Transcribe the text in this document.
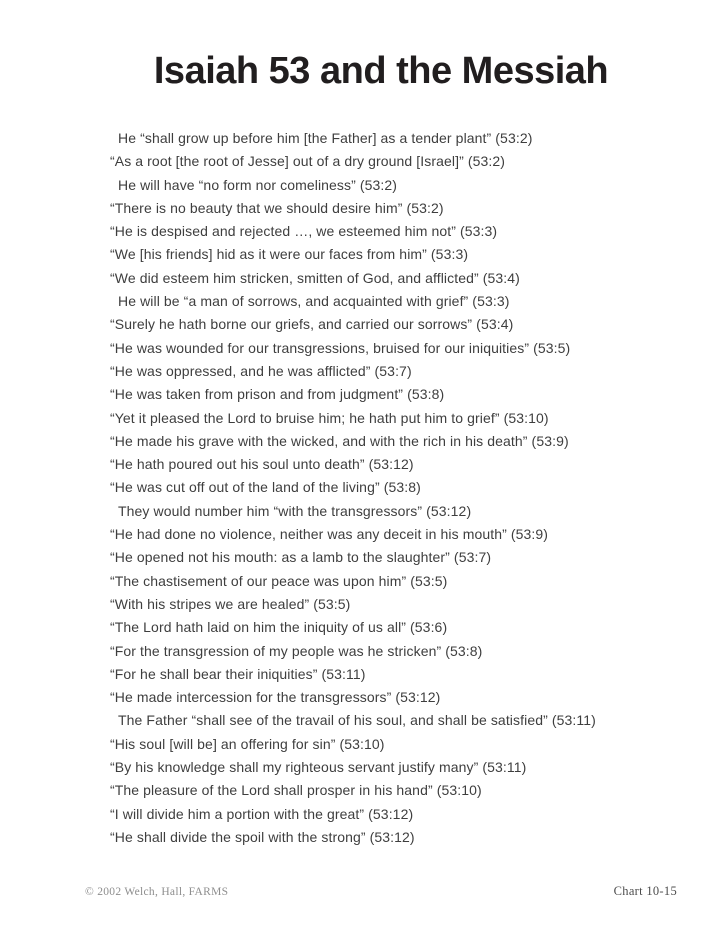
Isaiah 53 and the Messiah
He “shall grow up before him [the Father] as a tender plant” (53:2)
“As a root [the root of Jesse] out of a dry ground [Israel]” (53:2)
He will have “no form nor comeliness” (53:2)
“There is no beauty that we should desire him” (53:2)
“He is despised and rejected …, we esteemed him not” (53:3)
“We [his friends] hid as it were our faces from him” (53:3)
“We did esteem him stricken, smitten of God, and afflicted” (53:4)
He will be “a man of sorrows, and acquainted with grief” (53:3)
“Surely he hath borne our griefs, and carried our sorrows” (53:4)
“He was wounded for our transgressions, bruised for our iniquities” (53:5)
“He was oppressed, and he was afflicted” (53:7)
“He was taken from prison and from judgment” (53:8)
“Yet it pleased the Lord to bruise him; he hath put him to grief” (53:10)
“He made his grave with the wicked, and with the rich in his death” (53:9)
“He hath poured out his soul unto death” (53:12)
“He was cut off out of the land of the living” (53:8)
They would number him “with the transgressors” (53:12)
“He had done no violence, neither was any deceit in his mouth” (53:9)
“He opened not his mouth: as a lamb to the slaughter” (53:7)
“The chastisement of our peace was upon him” (53:5)
“With his stripes we are healed” (53:5)
“The Lord hath laid on him the iniquity of us all” (53:6)
“For the transgression of my people was he stricken” (53:8)
“For he shall bear their iniquities” (53:11)
“He made intercession for the transgressors” (53:12)
The Father “shall see of the travail of his soul, and shall be satisfied” (53:11)
“His soul [will be] an offering for sin” (53:10)
“By his knowledge shall my righteous servant justify many” (53:11)
“The pleasure of the Lord shall prosper in his hand” (53:10)
“I will divide him a portion with the great” (53:12)
“He shall divide the spoil with the strong” (53:12)
© 2002 Welch, Hall, FARMS	Chart 10-15
